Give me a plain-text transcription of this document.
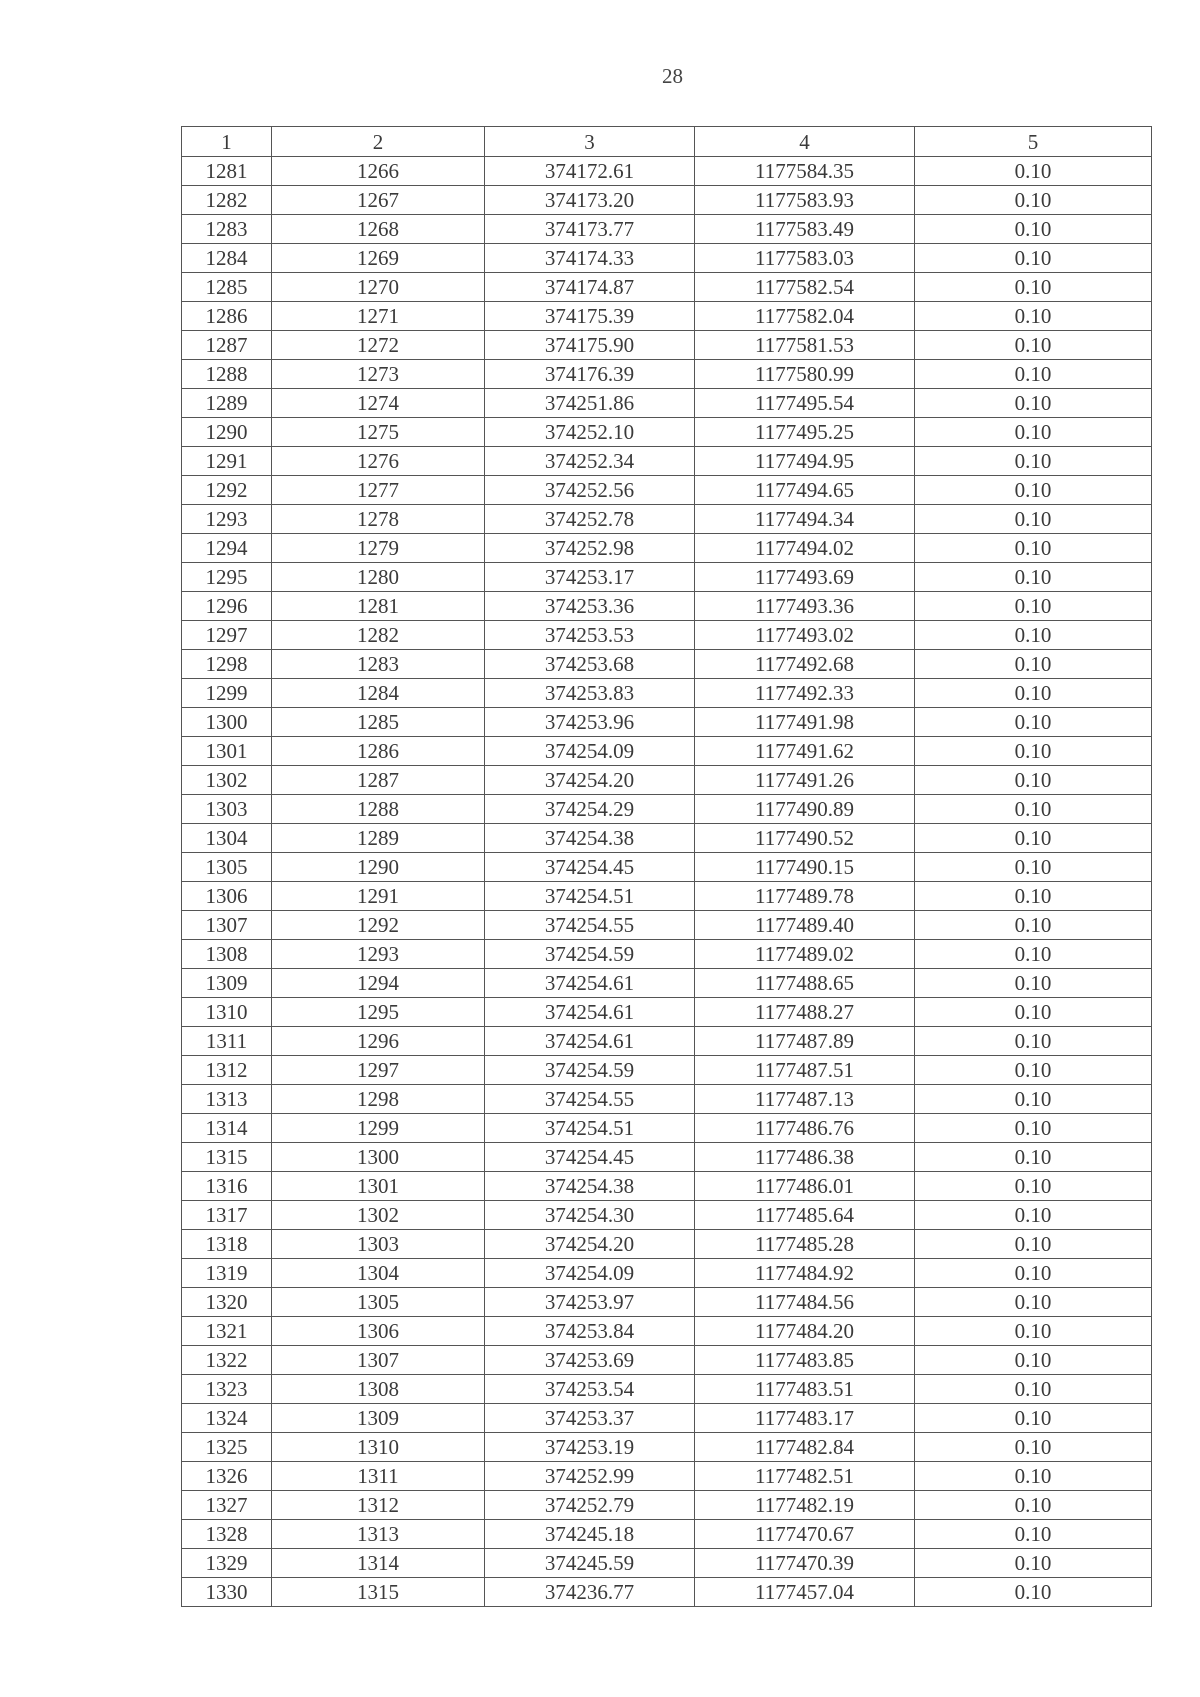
28
1	2	3	4	5
1281	1266	374172.61	1177584.35	0.10
1282	1267	374173.20	1177583.93	0.10
1283	1268	374173.77	1177583.49	0.10
1284	1269	374174.33	1177583.03	0.10
1285	1270	374174.87	1177582.54	0.10
1286	1271	374175.39	1177582.04	0.10
1287	1272	374175.90	1177581.53	0.10
1288	1273	374176.39	1177580.99	0.10
1289	1274	374251.86	1177495.54	0.10
1290	1275	374252.10	1177495.25	0.10
1291	1276	374252.34	1177494.95	0.10
1292	1277	374252.56	1177494.65	0.10
1293	1278	374252.78	1177494.34	0.10
1294	1279	374252.98	1177494.02	0.10
1295	1280	374253.17	1177493.69	0.10
1296	1281	374253.36	1177493.36	0.10
1297	1282	374253.53	1177493.02	0.10
1298	1283	374253.68	1177492.68	0.10
1299	1284	374253.83	1177492.33	0.10
1300	1285	374253.96	1177491.98	0.10
1301	1286	374254.09	1177491.62	0.10
1302	1287	374254.20	1177491.26	0.10
1303	1288	374254.29	1177490.89	0.10
1304	1289	374254.38	1177490.52	0.10
1305	1290	374254.45	1177490.15	0.10
1306	1291	374254.51	1177489.78	0.10
1307	1292	374254.55	1177489.40	0.10
1308	1293	374254.59	1177489.02	0.10
1309	1294	374254.61	1177488.65	0.10
1310	1295	374254.61	1177488.27	0.10
1311	1296	374254.61	1177487.89	0.10
1312	1297	374254.59	1177487.51	0.10
1313	1298	374254.55	1177487.13	0.10
1314	1299	374254.51	1177486.76	0.10
1315	1300	374254.45	1177486.38	0.10
1316	1301	374254.38	1177486.01	0.10
1317	1302	374254.30	1177485.64	0.10
1318	1303	374254.20	1177485.28	0.10
1319	1304	374254.09	1177484.92	0.10
1320	1305	374253.97	1177484.56	0.10
1321	1306	374253.84	1177484.20	0.10
1322	1307	374253.69	1177483.85	0.10
1323	1308	374253.54	1177483.51	0.10
1324	1309	374253.37	1177483.17	0.10
1325	1310	374253.19	1177482.84	0.10
1326	1311	374252.99	1177482.51	0.10
1327	1312	374252.79	1177482.19	0.10
1328	1313	374245.18	1177470.67	0.10
1329	1314	374245.59	1177470.39	0.10
1330	1315	374236.77	1177457.04	0.10
